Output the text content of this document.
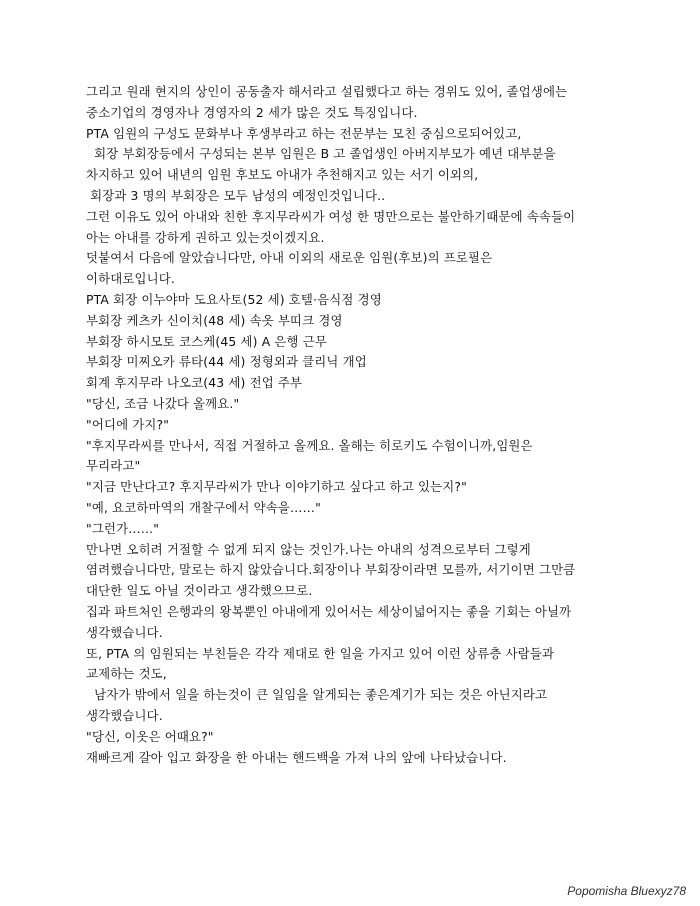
그리고 원래 현지의 상인이 공동출자 해서라고 설립했다고 하는 경위도 있어, 졸업생에는
중소기업의 경영자나 경영자의 2 세가 많은 것도 특징입니다.
PTA 임원의 구성도 문화부나 후생부라고 하는 전문부는 모친 중심으로되어있고,
회장 부회장등에서 구성되는 본부 임원은 B 고 졸업생인 아버지부모가 예년 대부분을
차지하고 있어 내년의 임원 후보도 아내가 추천해지고 있는 서기 이외의,
회장과 3 명의 부회장은 모두 남성의 예정인것입니다..
그런 이유도 있어 아내와 친한 후지무라씨가 여성 한 명만으로는 불안하기때문에 속속들이
아는 아내를 강하게 권하고 있는것이겠지요.
덧붙여서 다음에 알았습니다만, 아내 이외의 새로운 임원(후보)의 프로필은
이하대로입니다.
PTA 회장 이누야마 도요사토(52 세) 호텔·음식점 경영
부회장 케츠카 신이치(48 세) 속옷 부띠크 경영
부회장 하시모토 코스케(45 세) A 은행 근무
부회장 미찌오카 류타(44 세) 정형외과 클리닉 개업
회계 후지무라 나오코(43 세) 전업 주부
"당신, 조금 나갔다 올께요."
"어디에 가지?"
"후지무라씨를 만나서, 직접 거절하고 올께요. 올해는 히로키도 수험이니까,임원은
무리라고"
"지금 만난다고? 후지무라씨가 만나 이야기하고 싶다고 하고 있는지?"
"예, 요코하마역의 개찰구에서 약속을……"
"그런가……"
만나면 오히려 거절할 수 없게 되지 않는 것인가.나는 아내의 성격으로부터 그렇게
염려했습니다만, 말로는 하지 않았습니다.회장이나 부회장이라면 모를까, 서기이면 그만큼
대단한 일도 아닐 것이라고 생각했으므로.
집과 파트처인 은행과의 왕복뿐인 아내에게 있어서는 세상이넓어지는 좋을 기회는 아닐까
생각했습니다.
또, PTA 의 임원되는 부친들은 각각 제대로 한 일을 가지고 있어 이런 상류층 사람들과
교제하는 것도,
남자가 밖에서 일을 하는것이 큰 일임을 알게되는 좋은계기가 되는 것은 아닌지라고
생각했습니다.
"당신, 이옷은 어때요?"
재빠르게 갈아 입고 화장을 한 아내는 핸드백을 가져 나의 앞에 나타났습니다.
Popomisha Bluexyz78
